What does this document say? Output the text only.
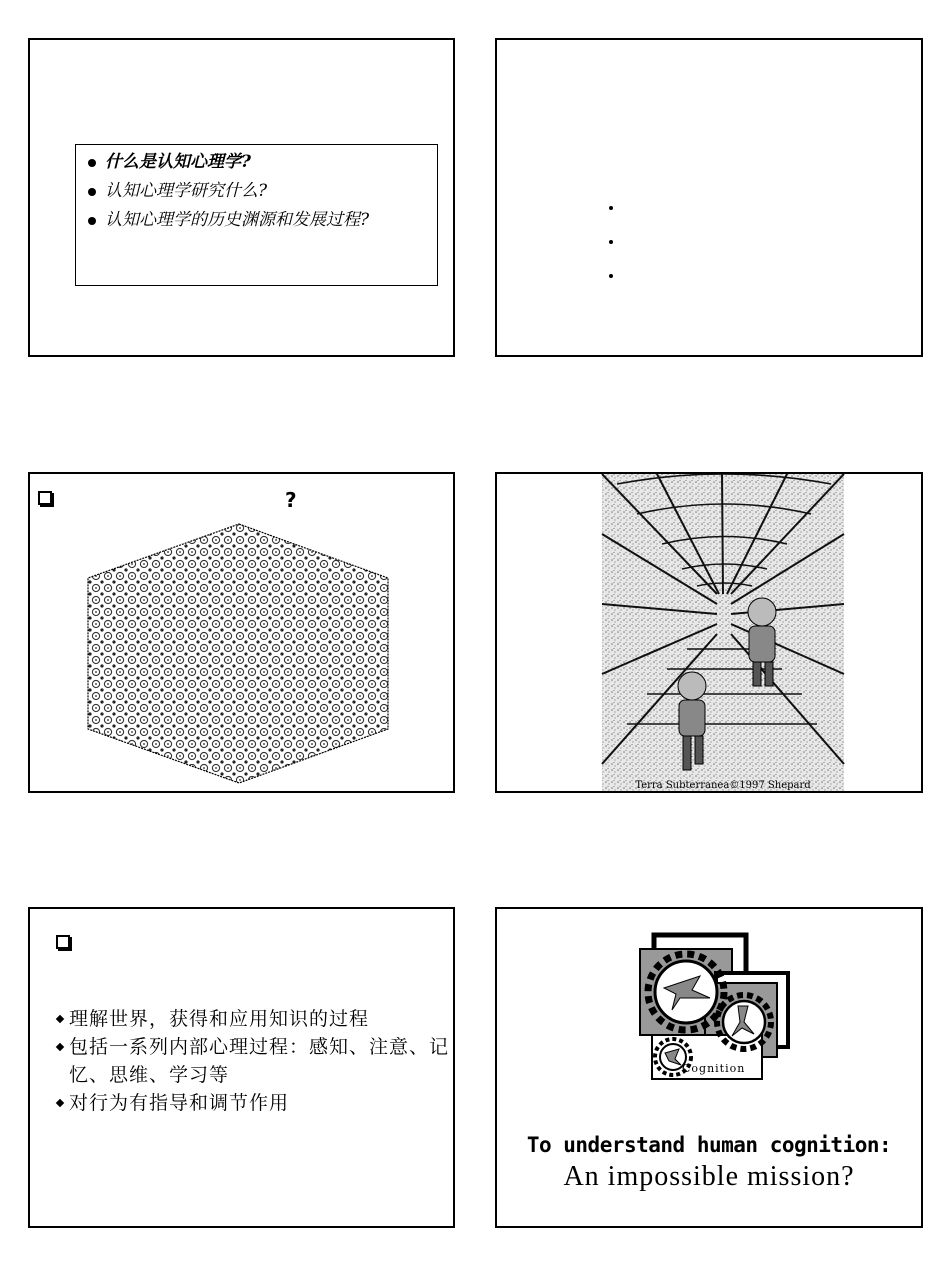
什么是认知心理学?
认知心理学研究什么?
认知心理学的历史渊源和发展过程?
?
Terra Subterranea©1997 Shepard
理解世界，获得和应用知识的过程
包括一系列内部心理过程：感知、注意、记忆、思维、学习等
对行为有指导和调节作用
Cognition
To understand human cognition:
An impossible mission?
